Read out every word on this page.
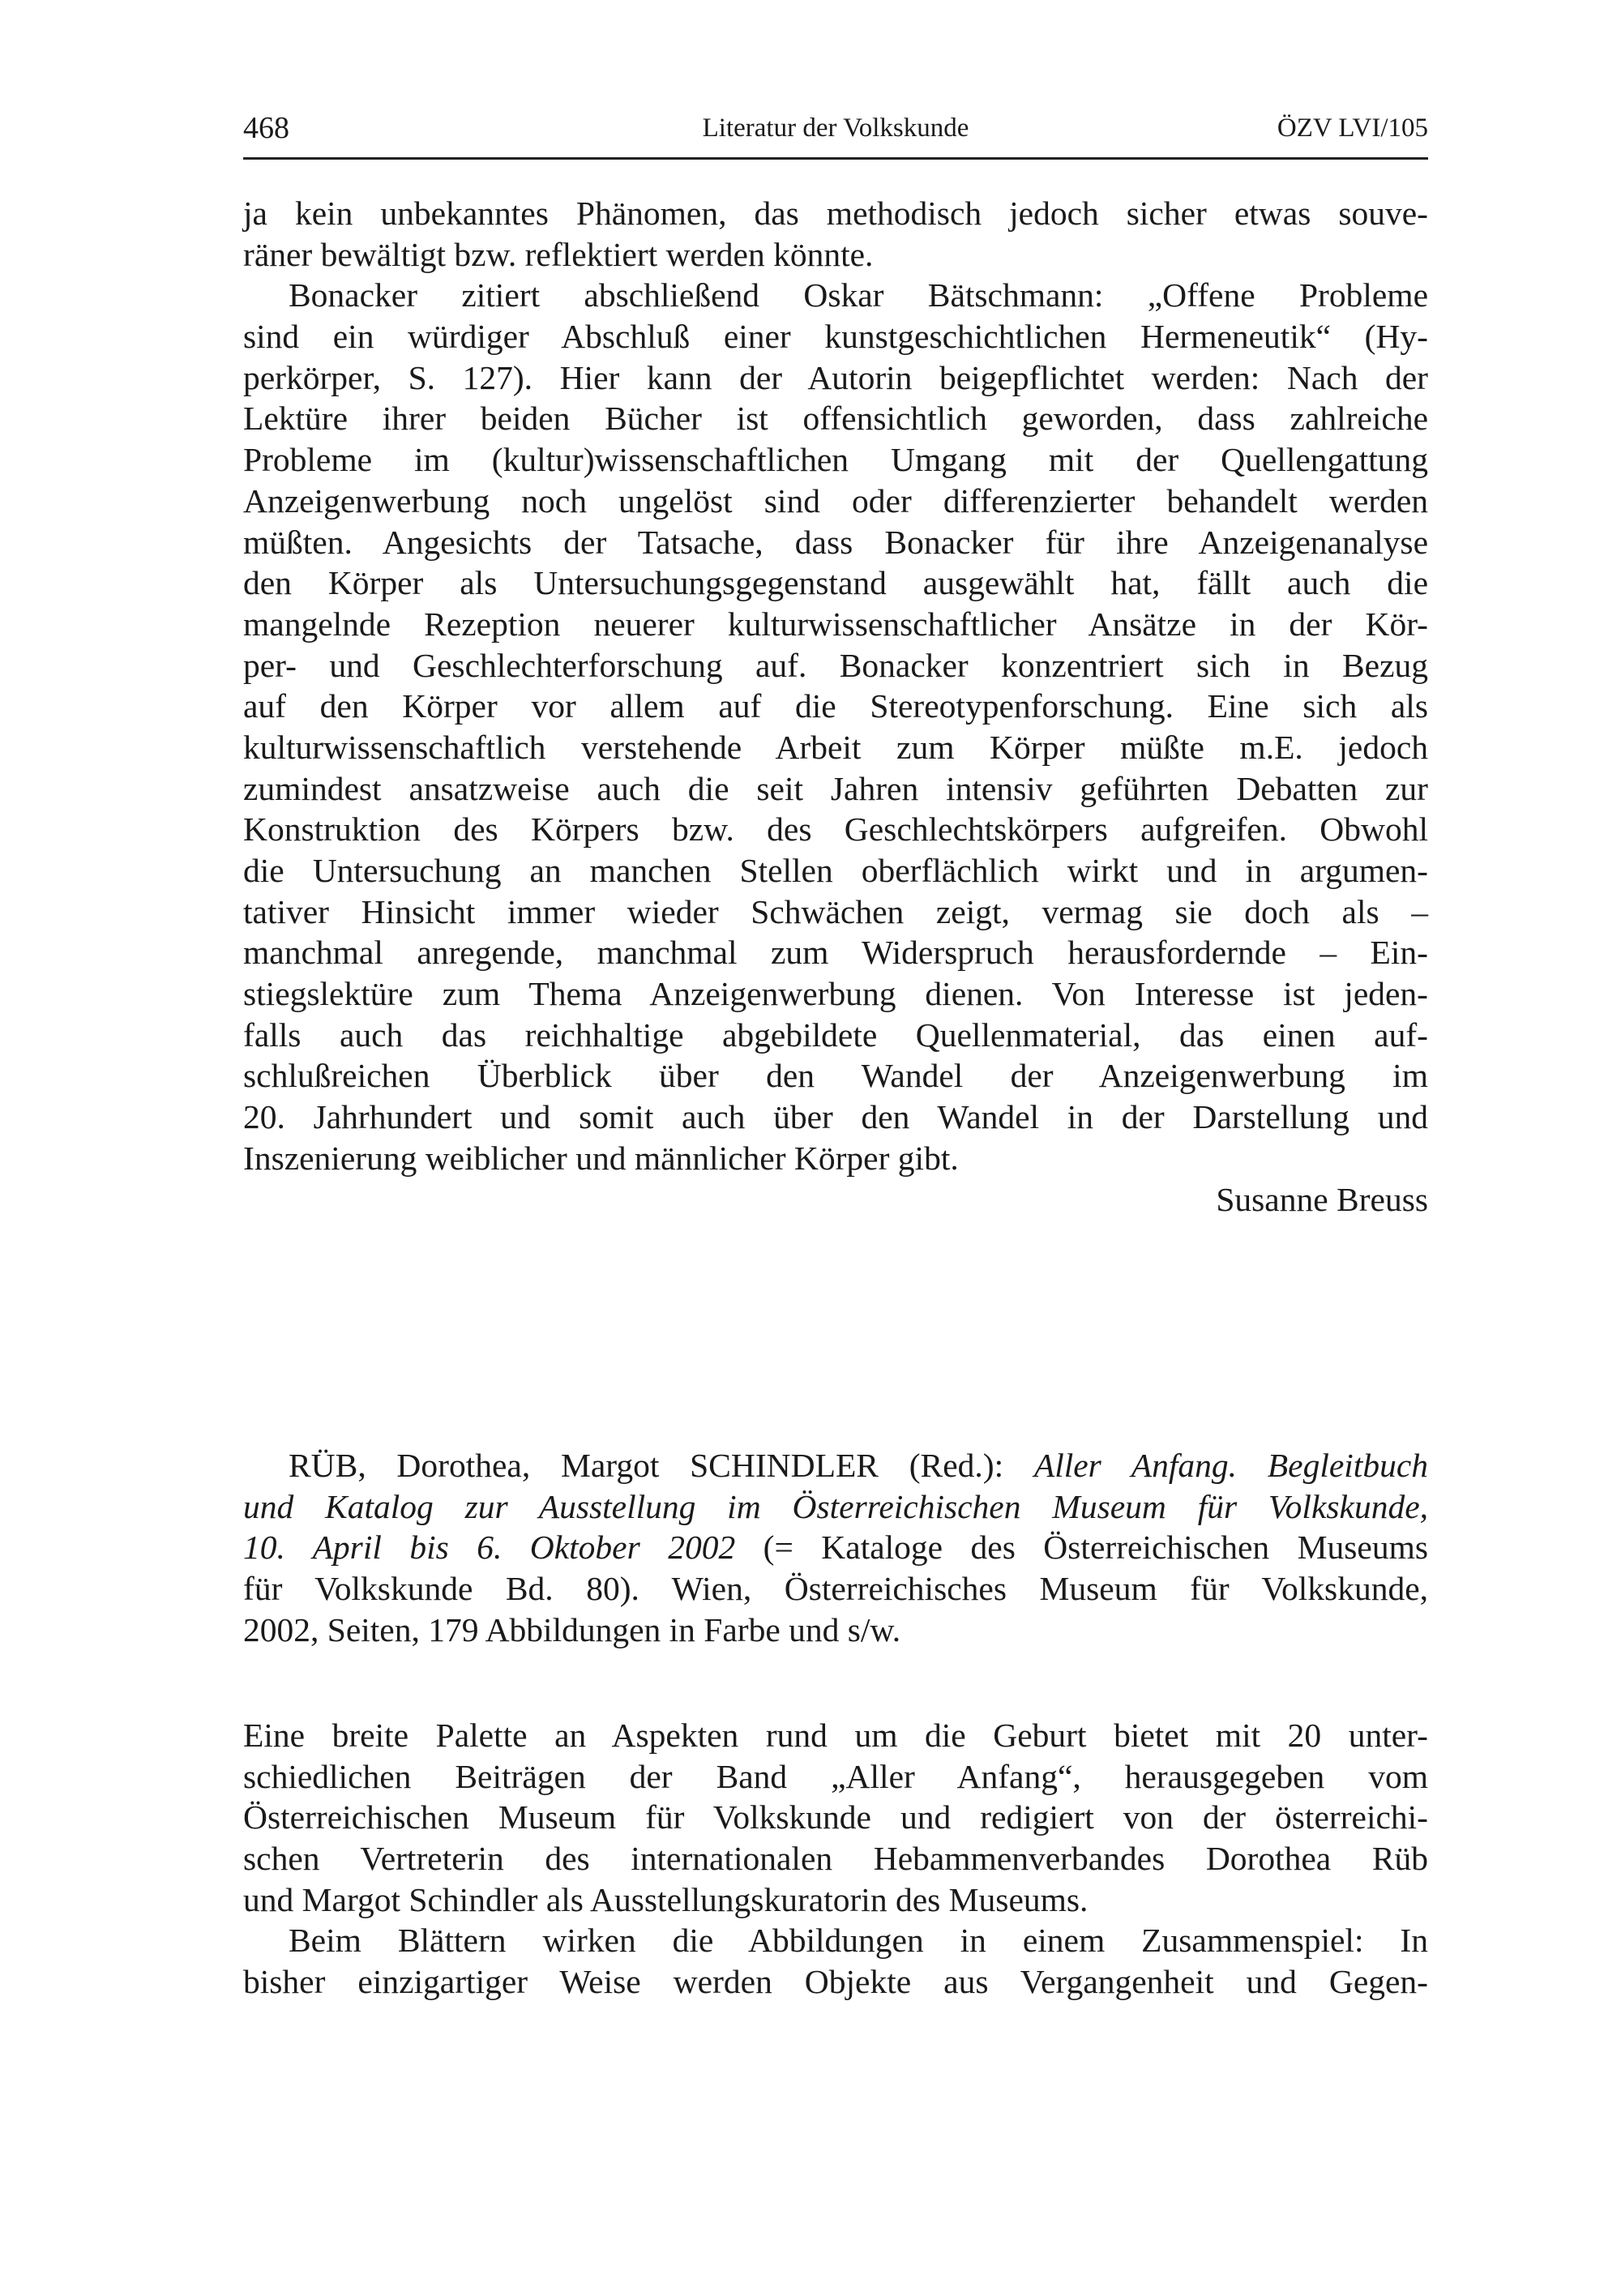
468	Literatur der Volkskunde	ÖZV LVI/105
ja kein unbekanntes Phänomen, das methodisch jedoch sicher etwas souve-
räner bewältigt bzw. reflektiert werden könnte.
Bonacker zitiert abschließend Oskar Bätschmann: „Offene Probleme
sind ein würdiger Abschluß einer kunstgeschichtlichen Hermeneutik“ (Hy-
perkörper, S. 127). Hier kann der Autorin beigepflichtet werden: Nach der
Lektüre ihrer beiden Bücher ist offensichtlich geworden, dass zahlreiche
Probleme im (kultur)wissenschaftlichen Umgang mit der Quellengattung
Anzeigenwerbung noch ungelöst sind oder differenzierter behandelt werden
müßten. Angesichts der Tatsache, dass Bonacker für ihre Anzeigenanalyse
den Körper als Untersuchungsgegenstand ausgewählt hat, fällt auch die
mangelnde Rezeption neuerer kulturwissenschaftlicher Ansätze in der Kör-
per- und Geschlechterforschung auf. Bonacker konzentriert sich in Bezug
auf den Körper vor allem auf die Stereotypenforschung. Eine sich als
kulturwissenschaftlich verstehende Arbeit zum Körper müßte m.E. jedoch
zumindest ansatzweise auch die seit Jahren intensiv geführten Debatten zur
Konstruktion des Körpers bzw. des Geschlechtskörpers aufgreifen. Obwohl
die Untersuchung an manchen Stellen oberflächlich wirkt und in argumen-
tativer Hinsicht immer wieder Schwächen zeigt, vermag sie doch als –
manchmal anregende, manchmal zum Widerspruch herausfordernde – Ein-
stiegslektüre zum Thema Anzeigenwerbung dienen. Von Interesse ist jeden-
falls auch das reichhaltige abgebildete Quellenmaterial, das einen auf-
schlußreichen Überblick über den Wandel der Anzeigenwerbung im
20. Jahrhundert und somit auch über den Wandel in der Darstellung und
Inszenierung weiblicher und männlicher Körper gibt.
Susanne Breuss
RÜB, Dorothea, Margot SCHINDLER (Red.): Aller Anfang. Begleitbuch
und Katalog zur Ausstellung im Österreichischen Museum für Volkskunde,
10. April bis 6. Oktober 2002 (= Kataloge des Österreichischen Museums
für Volkskunde Bd. 80). Wien, Österreichisches Museum für Volkskunde,
2002, Seiten, 179 Abbildungen in Farbe und s/w.
Eine breite Palette an Aspekten rund um die Geburt bietet mit 20 unter-
schiedlichen Beiträgen der Band „Aller Anfang“, herausgegeben vom
Österreichischen Museum für Volkskunde und redigiert von der österreichi-
schen Vertreterin des internationalen Hebammenverbandes Dorothea Rüb
und Margot Schindler als Ausstellungskuratorin des Museums.
Beim Blättern wirken die Abbildungen in einem Zusammenspiel: In
bisher einzigartiger Weise werden Objekte aus Vergangenheit und Gegen-
